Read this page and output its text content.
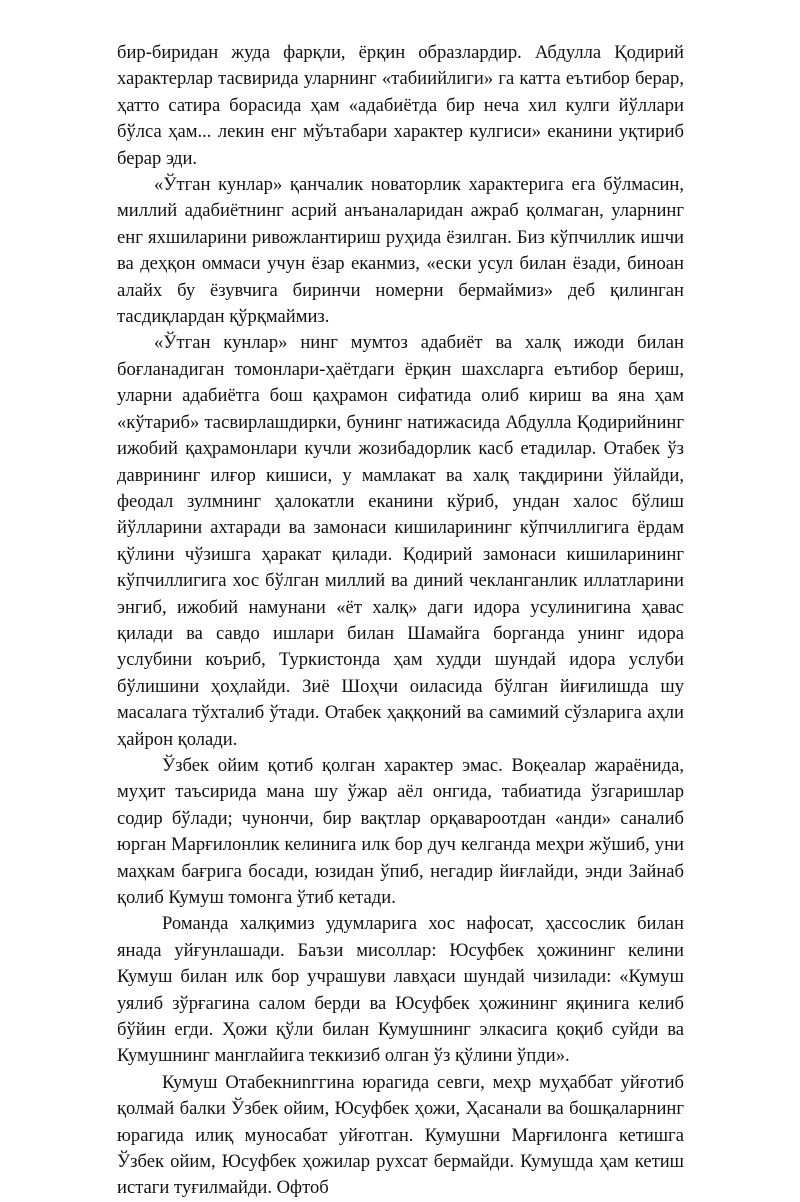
бир-биридан жуда фарқли, ёрқин образлардир. Абдулла Қодирий характерлар тасвирида уларнинг «табиийлиги» га катта еътибор берар, ҳатто сатира борасида ҳам «адабиётда бир неча хил кулги йўллари бўлса ҳам... лекин енг мўътабари характер кулгиси» еканини уқтириб берар эди.

«Ўтган кунлар» қанчалик новаторлик характерига ега бўлмасин, миллий адабиётнинг асрий анъаналаридан ажраб қолмаган, уларнинг енг яхшиларини ривожлантириш руҳида ёзилган. Биз кўпчиллик ишчи ва деҳқон оммаси учун ёзар еканмиз, «ески усул билан ёзади, биноан алайх бу ёзувчига биринчи номерни бермаймиз» деб қилинган тасдиқлардан қўрқмаймиз.

«Ўтган кунлар» нинг мумтоз адабиёт ва халқ ижоди билан боғланадиган томонлари-ҳаётдаги ёрқин шахсларга еътибор бериш, уларни адабиётга бош қаҳрамон сифатида олиб кириш ва яна ҳам «кўтариб» тасвирлашдирки, бунинг натижасида Абдулла Қодирийнинг ижобий қаҳрамонлари кучли жозибадорлик касб етадилар. Отабек ўз даврининг илғор кишиси, у мамлакат ва халқ тақдирини ўйлайди, феодал зулмнинг ҳалокатли еканини кўриб, ундан халос бўлиш йўлларини ахтаради ва замонаси кишиларининг кўпчиллигига ёрдам қўлини чўзишга ҳаракат қилади. Қодирий замонаси кишиларининг кўпчиллигига хос бўлган миллий ва диний чекланганлик иллатларини энгиб, ижобий намунани «ёт халқ» даги идора усулинигина ҳавас қилади ва савдо ишлари билан Шамайга борганда унинг идора услубини коъриб, Туркистонда ҳам худди шундай идора услуби бўлишини ҳоҳлайди. Зиё Шоҳчи оиласида бўлган йиғилишда шу масалага тўхталиб ўтади. Отабек ҳаққоний ва самимий сўзларига аҳли ҳайрон қолади.

Ўзбек ойим қотиб қолган характер эмас. Воқеалар жараёнида, муҳит таъсирида мана шу ўжар аёл онгида, табиатида ўзгаришлар содир бўлади; чунончи, бир вақтлар орқавароотдан «анди» саналиб юрган Марғилонлик келинига илк бор дуч келганда меҳри жўшиб, уни маҳкам бағрига босади, юзидан ўпиб, негадир йиғлайди, энди Зайнаб қолиб Кумуш томонга ўтиб кетади.

Романда халқимиз удумларига хос нафосат, ҳассослик билан янада уйғунлашади. Баъзи мисоллар: Юсуфбек ҳожининг келини Кумуш билан илк бор учрашуви лавҳаси шундай чизилади: «Кумуш уялиб зўрғагина салом берди ва Юсуфбек ҳожининг яқинига келиб бўйин егди. Ҳожи қўли билан Кумушнинг элкасига қоқиб суйди ва Кумушнинг манглайига теккизиб олган ўз қўлини ўпди».

Кумуш Отабекниnггина юрагида севги, меҳр муҳаббат уйғотиб қолмай балки Ўзбек ойим, Юсуфбек ҳожи, Ҳасанали ва бошқаларнинг юрагида илиқ муносабат уйғотган. Кумушни Марғилонга кетишга Ўзбек ойим, Юсуфбек ҳожилар рухсат бермайди. Кумушда ҳам кетиш истаги туғилмайди. Офтоб
